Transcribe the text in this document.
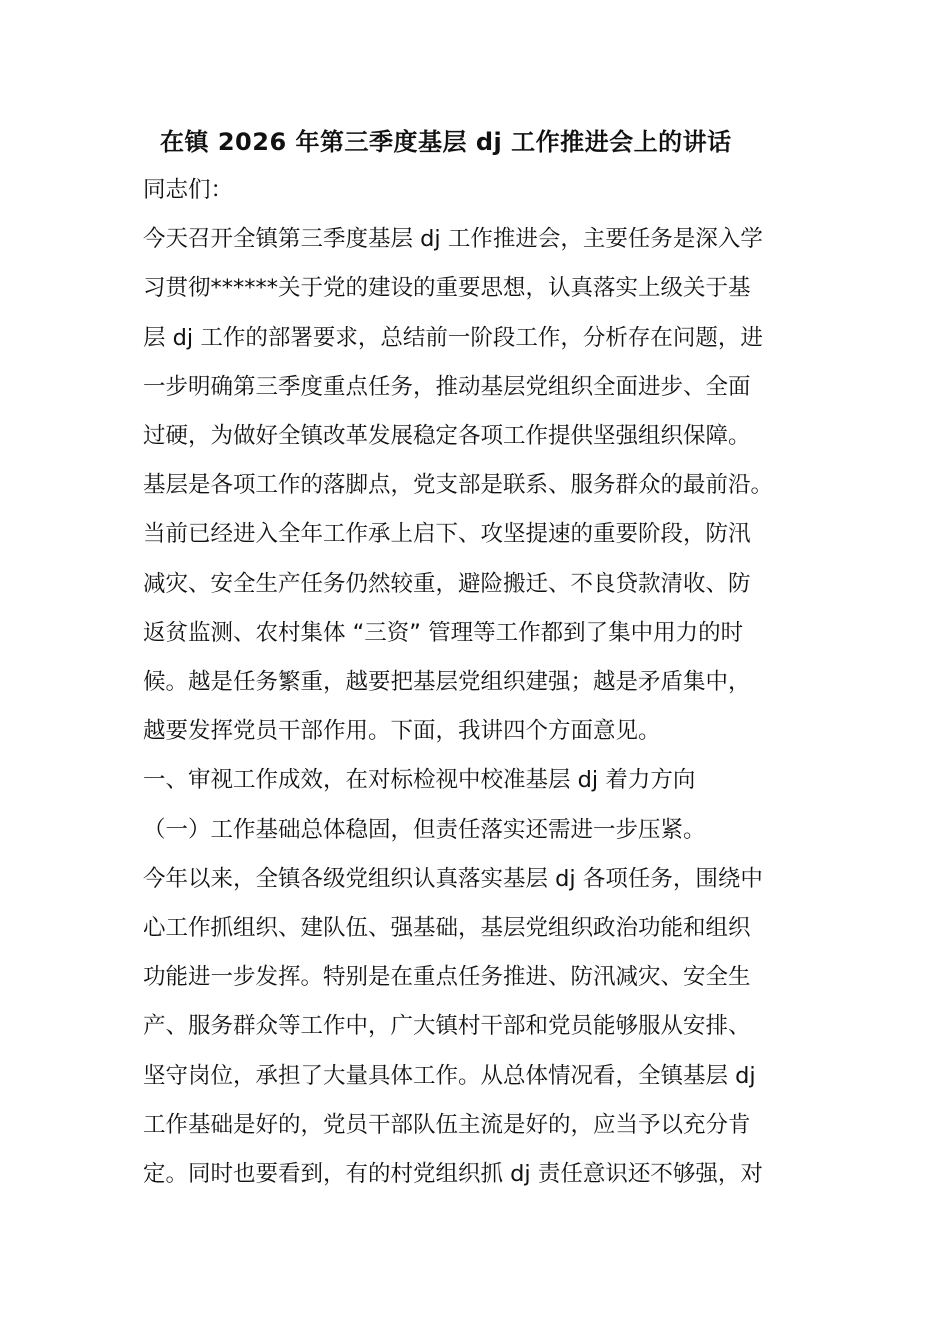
在镇 2026 年第三季度基层 dj 工作推进会上的讲话
同志们：
今天召开全镇第三季度基层 dj 工作推进会，主要任务是深入学
习贯彻******关于党的建设的重要思想，认真落实上级关于基
层 dj 工作的部署要求，总结前一阶段工作，分析存在问题，进
一步明确第三季度重点任务，推动基层党组织全面进步、全面
过硬，为做好全镇改革发展稳定各项工作提供坚强组织保障。
基层是各项工作的落脚点，党支部是联系、服务群众的最前沿。
当前已经进入全年工作承上启下、攻坚提速的重要阶段，防汛
减灾、安全生产任务仍然较重，避险搬迁、不良贷款清收、防
返贫监测、农村集体 “三资” 管理等工作都到了集中用力的时
候。越是任务繁重，越要把基层党组织建强；越是矛盾集中，
越要发挥党员干部作用。下面，我讲四个方面意见。
一、审视工作成效，在对标检视中校准基层 dj 着力方向
（一）工作基础总体稳固，但责任落实还需进一步压紧。
今年以来，全镇各级党组织认真落实基层 dj 各项任务，围绕中
心工作抓组织、建队伍、强基础，基层党组织政治功能和组织
功能进一步发挥。特别是在重点任务推进、防汛减灾、安全生
产、服务群众等工作中，广大镇村干部和党员能够服从安排、
坚守岗位，承担了大量具体工作。从总体情况看，全镇基层 dj
工作基础是好的，党员干部队伍主流是好的，应当予以充分肯
定。同时也要看到，有的村党组织抓 dj 责任意识还不够强，对
